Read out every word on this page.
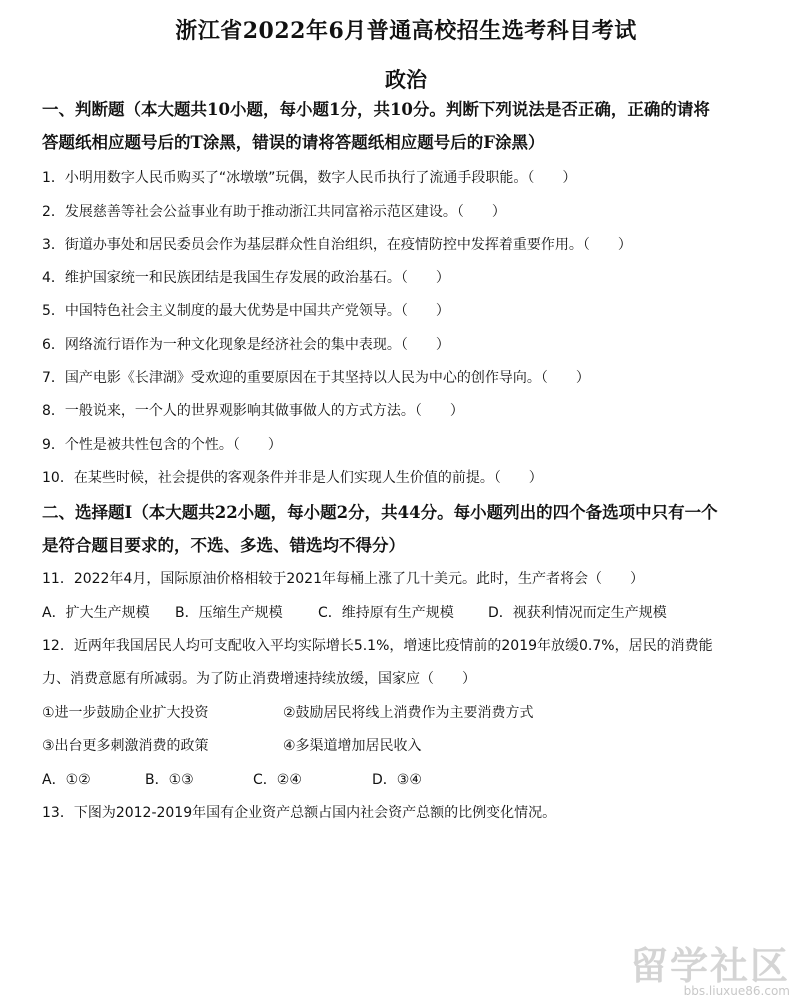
浙江省2022年6月普通高校招生选考科目考试
政治
一、判断题（本大题共10小题，每小题1分，共10分。判断下列说法是否正确，正确的请将
答题纸相应题号后的T涂黑，错误的请将答题纸相应题号后的F涂黑）
1．小明用数字人民币购买了“冰墩墩”玩偶，数字人民币执行了流通手段职能。（　　）
2．发展慈善等社会公益事业有助于推动浙江共同富裕示范区建设。（　　）
3．街道办事处和居民委员会作为基层群众性自治组织，在疫情防控中发挥着重要作用。（　　）
4．维护国家统一和民族团结是我国生存发展的政治基石。（　　）
5．中国特色社会主义制度的最大优势是中国共产党领导。（　　）
6．网络流行语作为一种文化现象是经济社会的集中表现。（　　）
7．国产电影《长津湖》受欢迎的重要原因在于其坚持以人民为中心的创作导向。（　　）
8．一般说来，一个人的世界观影响其做事做人的方式方法。（　　）
9．个性是被共性包含的个性。（　　）
10．在某些时候，社会提供的客观条件并非是人们实现人生价值的前提。（　　）
二、选择题Ⅰ（本大题共22小题，每小题2分，共44分。每小题列出的四个备选项中只有一个
是符合题目要求的，不选、多选、错选均不得分）
11．2022年4月，国际原油价格相较于2021年每桶上涨了几十美元。此时，生产者将会（　　）
A．扩大生产规模 B．压缩生产规模	C．维持原有生产规模 D．视获利情况而定生产规模
12．近两年我国居民人均可支配收入平均实际增长5.1%，增速比疫情前的2019年放缓0.7%，居民的消费能
力、消费意愿有所减弱。为了防止消费增速持续放缓，国家应（　　）
①进一步鼓励企业扩大投资	②鼓励居民将线上消费作为主要消费方式
③出台更多刺激消费的政策	④多渠道增加居民收入
A．①②	B．①③	C．②④	D．③④
13．下图为2012-2019年国有企业资产总额占国内社会资产总额的比例变化情况。
留学社区
bbs.liuxue86.com
